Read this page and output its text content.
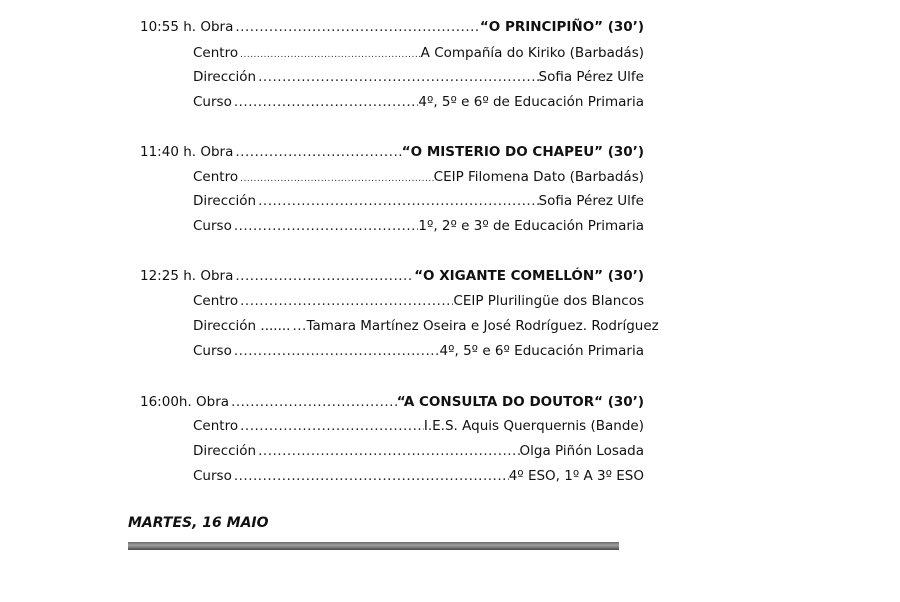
10:55 h. Obra .....	“O PRINCIPIÑO” (30’)
Centro .....	A Compañía do Kiriko (Barbadás)
Dirección .....	Sofia Pérez Ulfe
Curso .....	4º, 5º e 6º de Educación Primaria
11:40 h. Obra .....	“O MISTERIO DO CHAPEU” (30’)
Centro .....	CEIP Filomena Dato (Barbadás)
Dirección .....	Sofia Pérez Ulfe
Curso .....	1º, 2º e 3º de Educación Primaria
12:25 h. Obra .....	“O XIGANTE COMELLÓN” (30’)
Centro .....	CEIP Plurilingüe dos Blancos
Dirección ....... ..... Tamara Martínez Oseira e José Rodríguez. Rodríguez
Curso .....	4º, 5º e 6º Educación Primaria
16:00h. Obra .....	“A CONSULTA DO DOUTOR“ (30’)
Centro .....	I.E.S. Aquis Querquernis (Bande)
Dirección .....	Olga Piñón Losada
Curso .....	4º ESO, 1º A 3º ESO
MARTES, 16 MAIO
